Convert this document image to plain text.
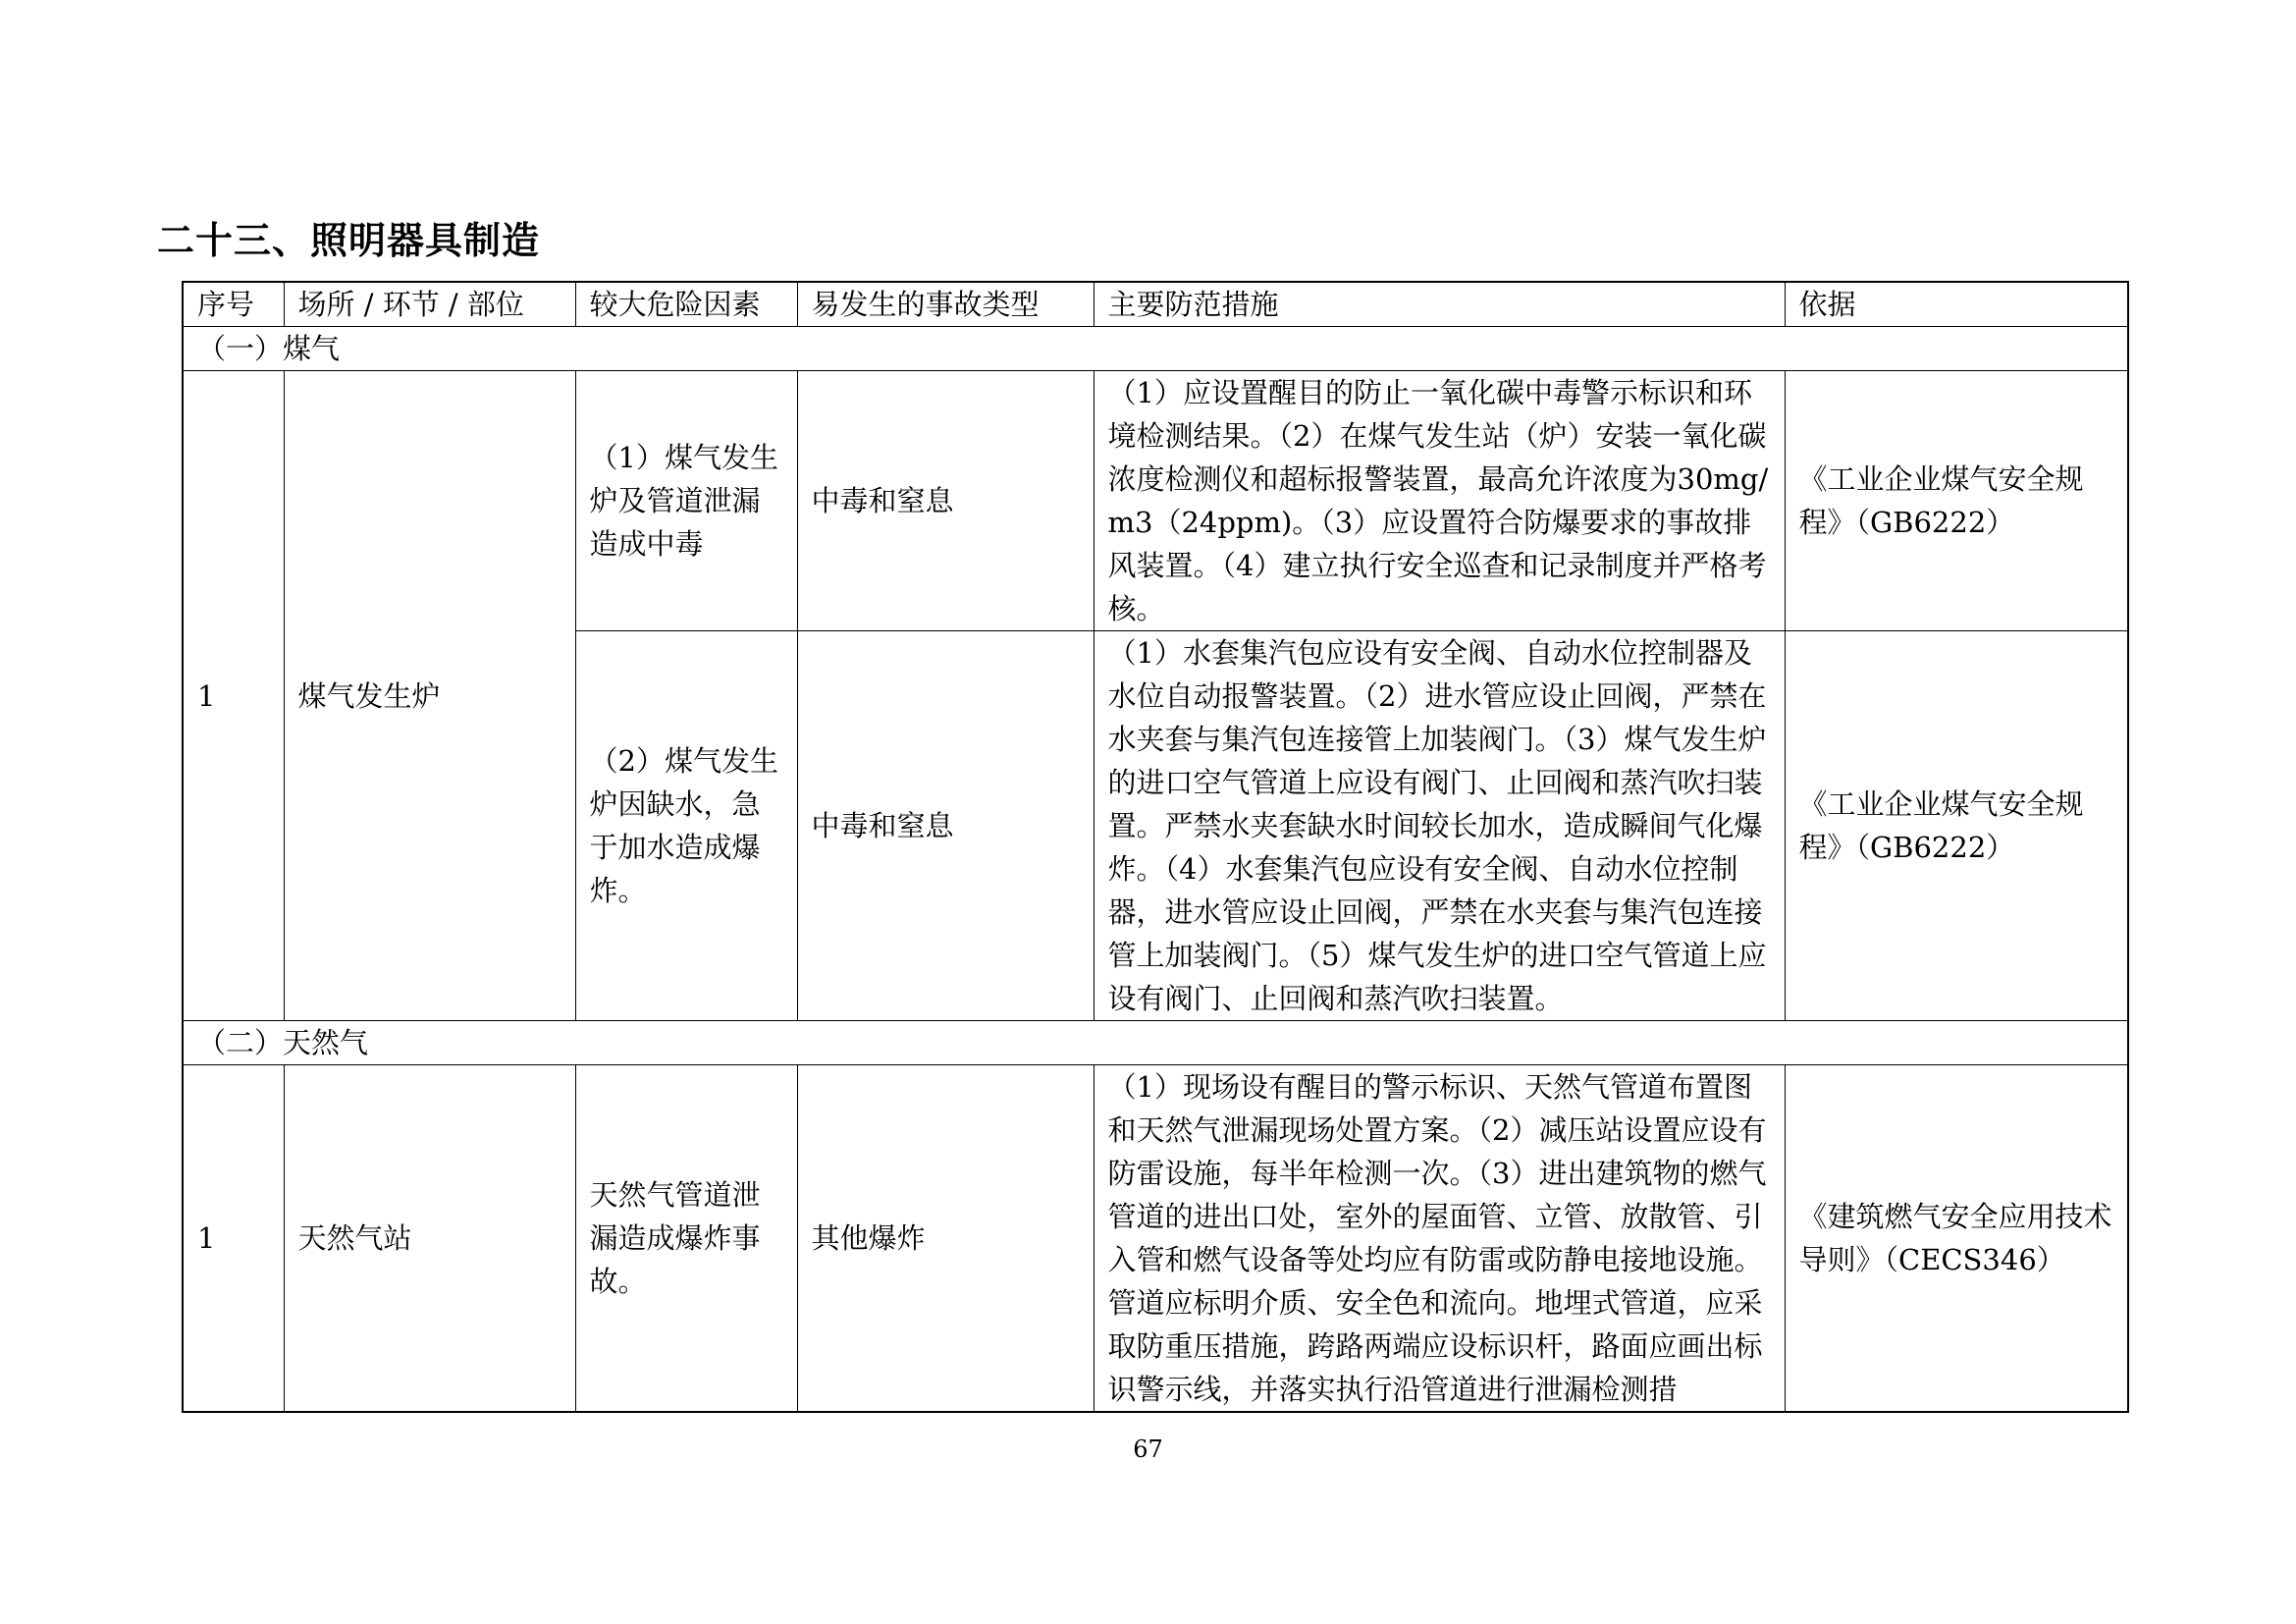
二十三、照明器具制造
序号	场所 / 环节 / 部位	较大危险因素	易发生的事故类型	主要防范措施	依据
（一）煤气					
1	煤气发生炉	（1）煤气发生炉及管道泄漏造成中毒	中毒和窒息	（1）应设置醒目的防止一氧化碳中毒警示标识和环境检测结果。（2）在煤气发生站（炉）安装一氧化碳浓度检测仪和超标报警装置，最高允许浓度为30mg/m3（24ppm)。（3）应设置符合防爆要求的事故排风装置。（4）建立执行安全巡查和记录制度并严格考核。	《工业企业煤气安全规程》（GB6222）
		（2）煤气发生炉因缺水，急于加水造成爆炸。	中毒和窒息	（1）水套集汽包应设有安全阀、自动水位控制器及水位自动报警装置。（2）进水管应设止回阀，严禁在水夹套与集汽包连接管上加装阀门。（3）煤气发生炉的进口空气管道上应设有阀门、止回阀和蒸汽吹扫装置。严禁水夹套缺水时间较长加水，造成瞬间气化爆炸。（4）水套集汽包应设有安全阀、自动水位控制器，进水管应设止回阀，严禁在水夹套与集汽包连接管上加装阀门。（5）煤气发生炉的进口空气管道上应设有阀门、止回阀和蒸汽吹扫装置。	《工业企业煤气安全规程》（GB6222）
（二）天然气					
1	天然气站	天然气管道泄漏造成爆炸事故。	其他爆炸	（1）现场设有醒目的警示标识、天然气管道布置图和天然气泄漏现场处置方案。（2）减压站设置应设有防雷设施，每半年检测一次。（3）进出建筑物的燃气管道的进出口处，室外的屋面管、立管、放散管、引入管和燃气设备等处均应有防雷或防静电接地设施。管道应标明介质、安全色和流向。地埋式管道，应采取防重压措施，跨路两端应设标识杆，路面应画出标识警示线，并落实执行沿管道进行泄漏检测措	《建筑燃气安全应用技术导则》（CECS346）
67
